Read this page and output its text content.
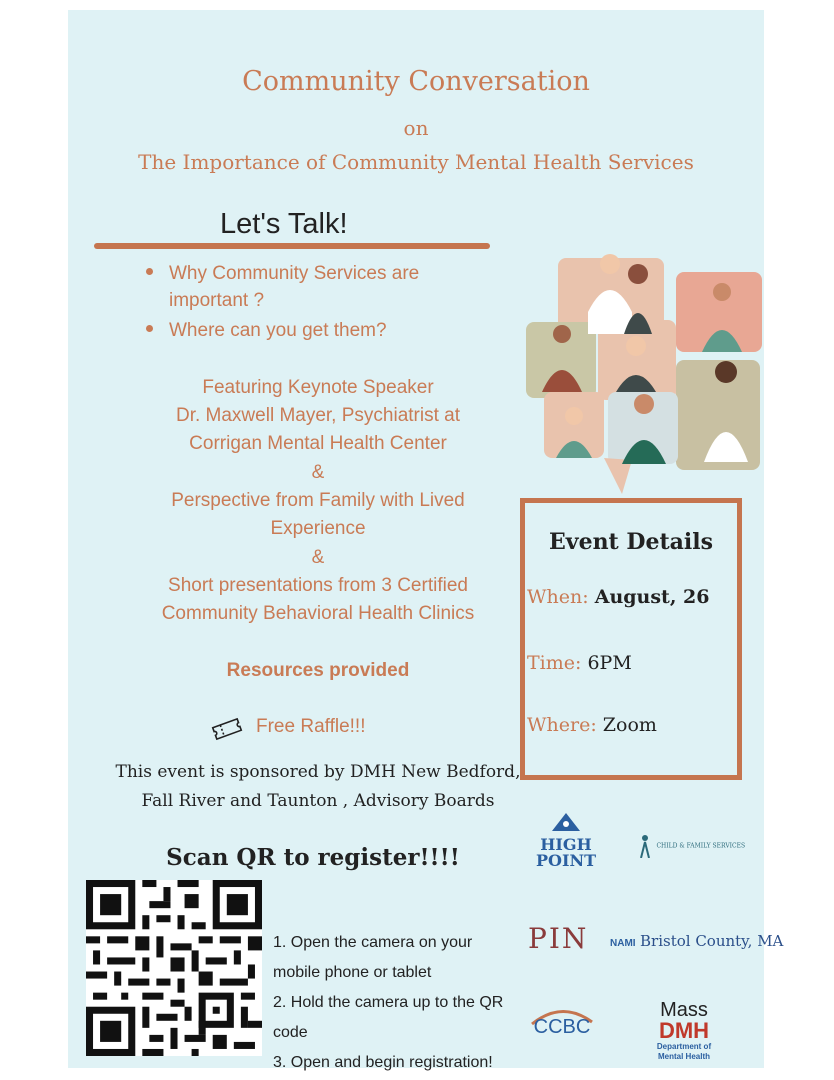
Community Conversation
on
The Importance of Community Mental Health Services
Let's Talk!
Why Community Services are
important ?
Where can you get them?
Featuring Keynote Speaker
Dr. Maxwell Mayer, Psychiatrist at
Corrigan Mental Health Center
&
Perspective from Family with Lived
Experience
&
Short presentations from 3 Certified
Community Behavioral Health Clinics
Resources provided
Free Raffle!!!
This event is sponsored by DMH New Bedford,
Fall River and Taunton , Advisory Boards
Scan QR to register!!!!
1. Open the camera on your
mobile phone or tablet
2. Hold the camera up to the QR
code
3. Open and begin registration!
Event Details
When: August, 26
Time: 6PM
Where: Zoom
HIGH
POINT
CHILD & FAMILY SERVICES
PIN NAMI Bristol County, MA
CCBC
Mass
DMH
Department of
Mental Health
